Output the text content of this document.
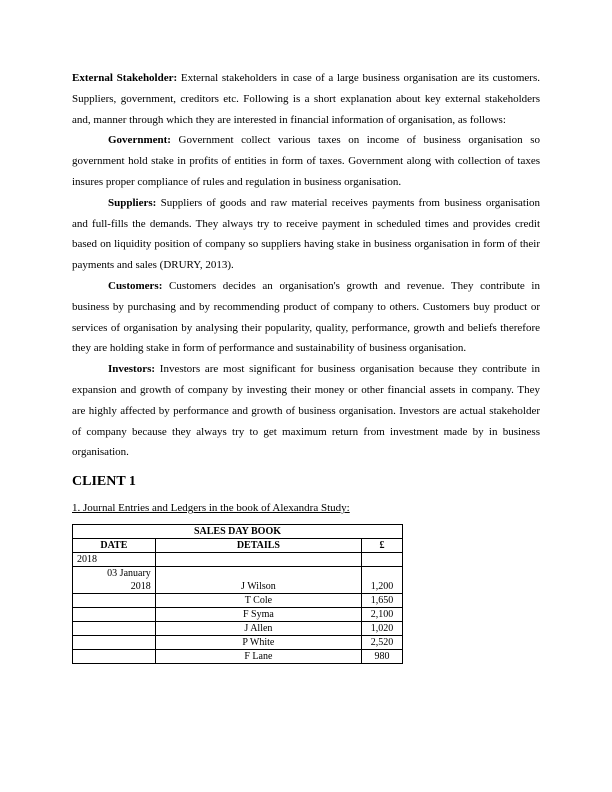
External Stakeholder: External stakeholders in case of a large business organisation are its customers. Suppliers, government, creditors etc. Following is a short explanation about key external stakeholders and, manner through which they are interested in financial information of organisation, as follows:

Government: Government collect various taxes on income of business organisation so government hold stake in profits of entities in form of taxes. Government along with collection of taxes insures proper compliance of rules and regulation in business organisation.

Suppliers: Suppliers of goods and raw material receives payments from business organisation and full-fills the demands. They always try to receive payment in scheduled times and provides credit based on liquidity position of company so suppliers having stake in business organisation in form of their payments and sales (DRURY, 2013).

Customers: Customers decides an organisation's growth and revenue. They contribute in business by purchasing and by recommending product of company to others. Customers buy product or services of organisation by analysing their popularity, quality, performance, growth and beliefs therefore they are holding stake in form of performance and sustainability of business organisation.

Investors: Investors are most significant for business organisation because they contribute in expansion and growth of company by investing their money or other financial assets in company. They are highly affected by performance and growth of business organisation. Investors are actual stakeholder of company because they always try to get maximum return from investment made by in business organisation.

CLIENT 1
1. Journal Entries and Ledgers in the book of Alexandra Study:
SALES DAY BOOK		
DATE	DETAILS	£
2018		

03 January
2018	J Wilson	1,200
	T Cole	1,650
	F Syma	2,100
	J Allen	1,020
	P White	2,520
	F Lane	980
